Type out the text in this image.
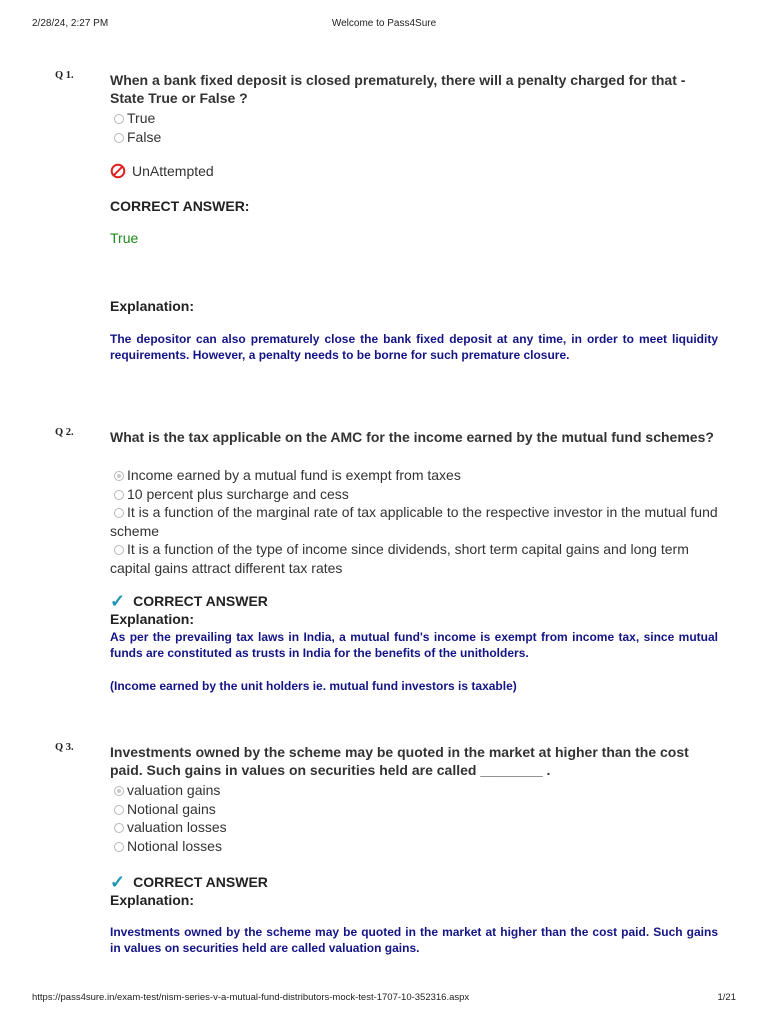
2/28/24, 2:27 PM	Welcome to Pass4Sure
Q 1.	When a bank fixed deposit is closed prematurely, there will a penalty charged for that - State True or False ?
True
False
UnAttempted
CORRECT ANSWER:
True
Explanation:
The depositor can also prematurely close the bank fixed deposit at any time, in order to meet liquidity requirements. However, a penalty needs to be borne for such premature closure.
Q 2.	What is the tax applicable on the AMC for the income earned by the mutual fund schemes?
Income earned by a mutual fund is exempt from taxes
10 percent plus surcharge and cess
It is a function of the marginal rate of tax applicable to the respective investor in the mutual fund scheme
It is a function of the type of income since dividends, short term capital gains and long term capital gains attract different tax rates
✓ CORRECT ANSWER
Explanation:
As per the prevailing tax laws in India, a mutual fund's income is exempt from income tax, since mutual funds are constituted as trusts in India for the benefits of the unitholders.
(Income earned by the unit holders ie. mutual fund investors is taxable)
Q 3.	Investments owned by the scheme may be quoted in the market at higher than the cost paid. Such gains in values on securities held are called ________ .
valuation gains
Notional gains
valuation losses
Notional losses
✓ CORRECT ANSWER
Explanation:
Investments owned by the scheme may be quoted in the market at higher than the cost paid. Such gains in values on securities held are called valuation gains.
https://pass4sure.in/exam-test/nism-series-v-a-mutual-fund-distributors-mock-test-1707-10-352316.aspx	1/21
